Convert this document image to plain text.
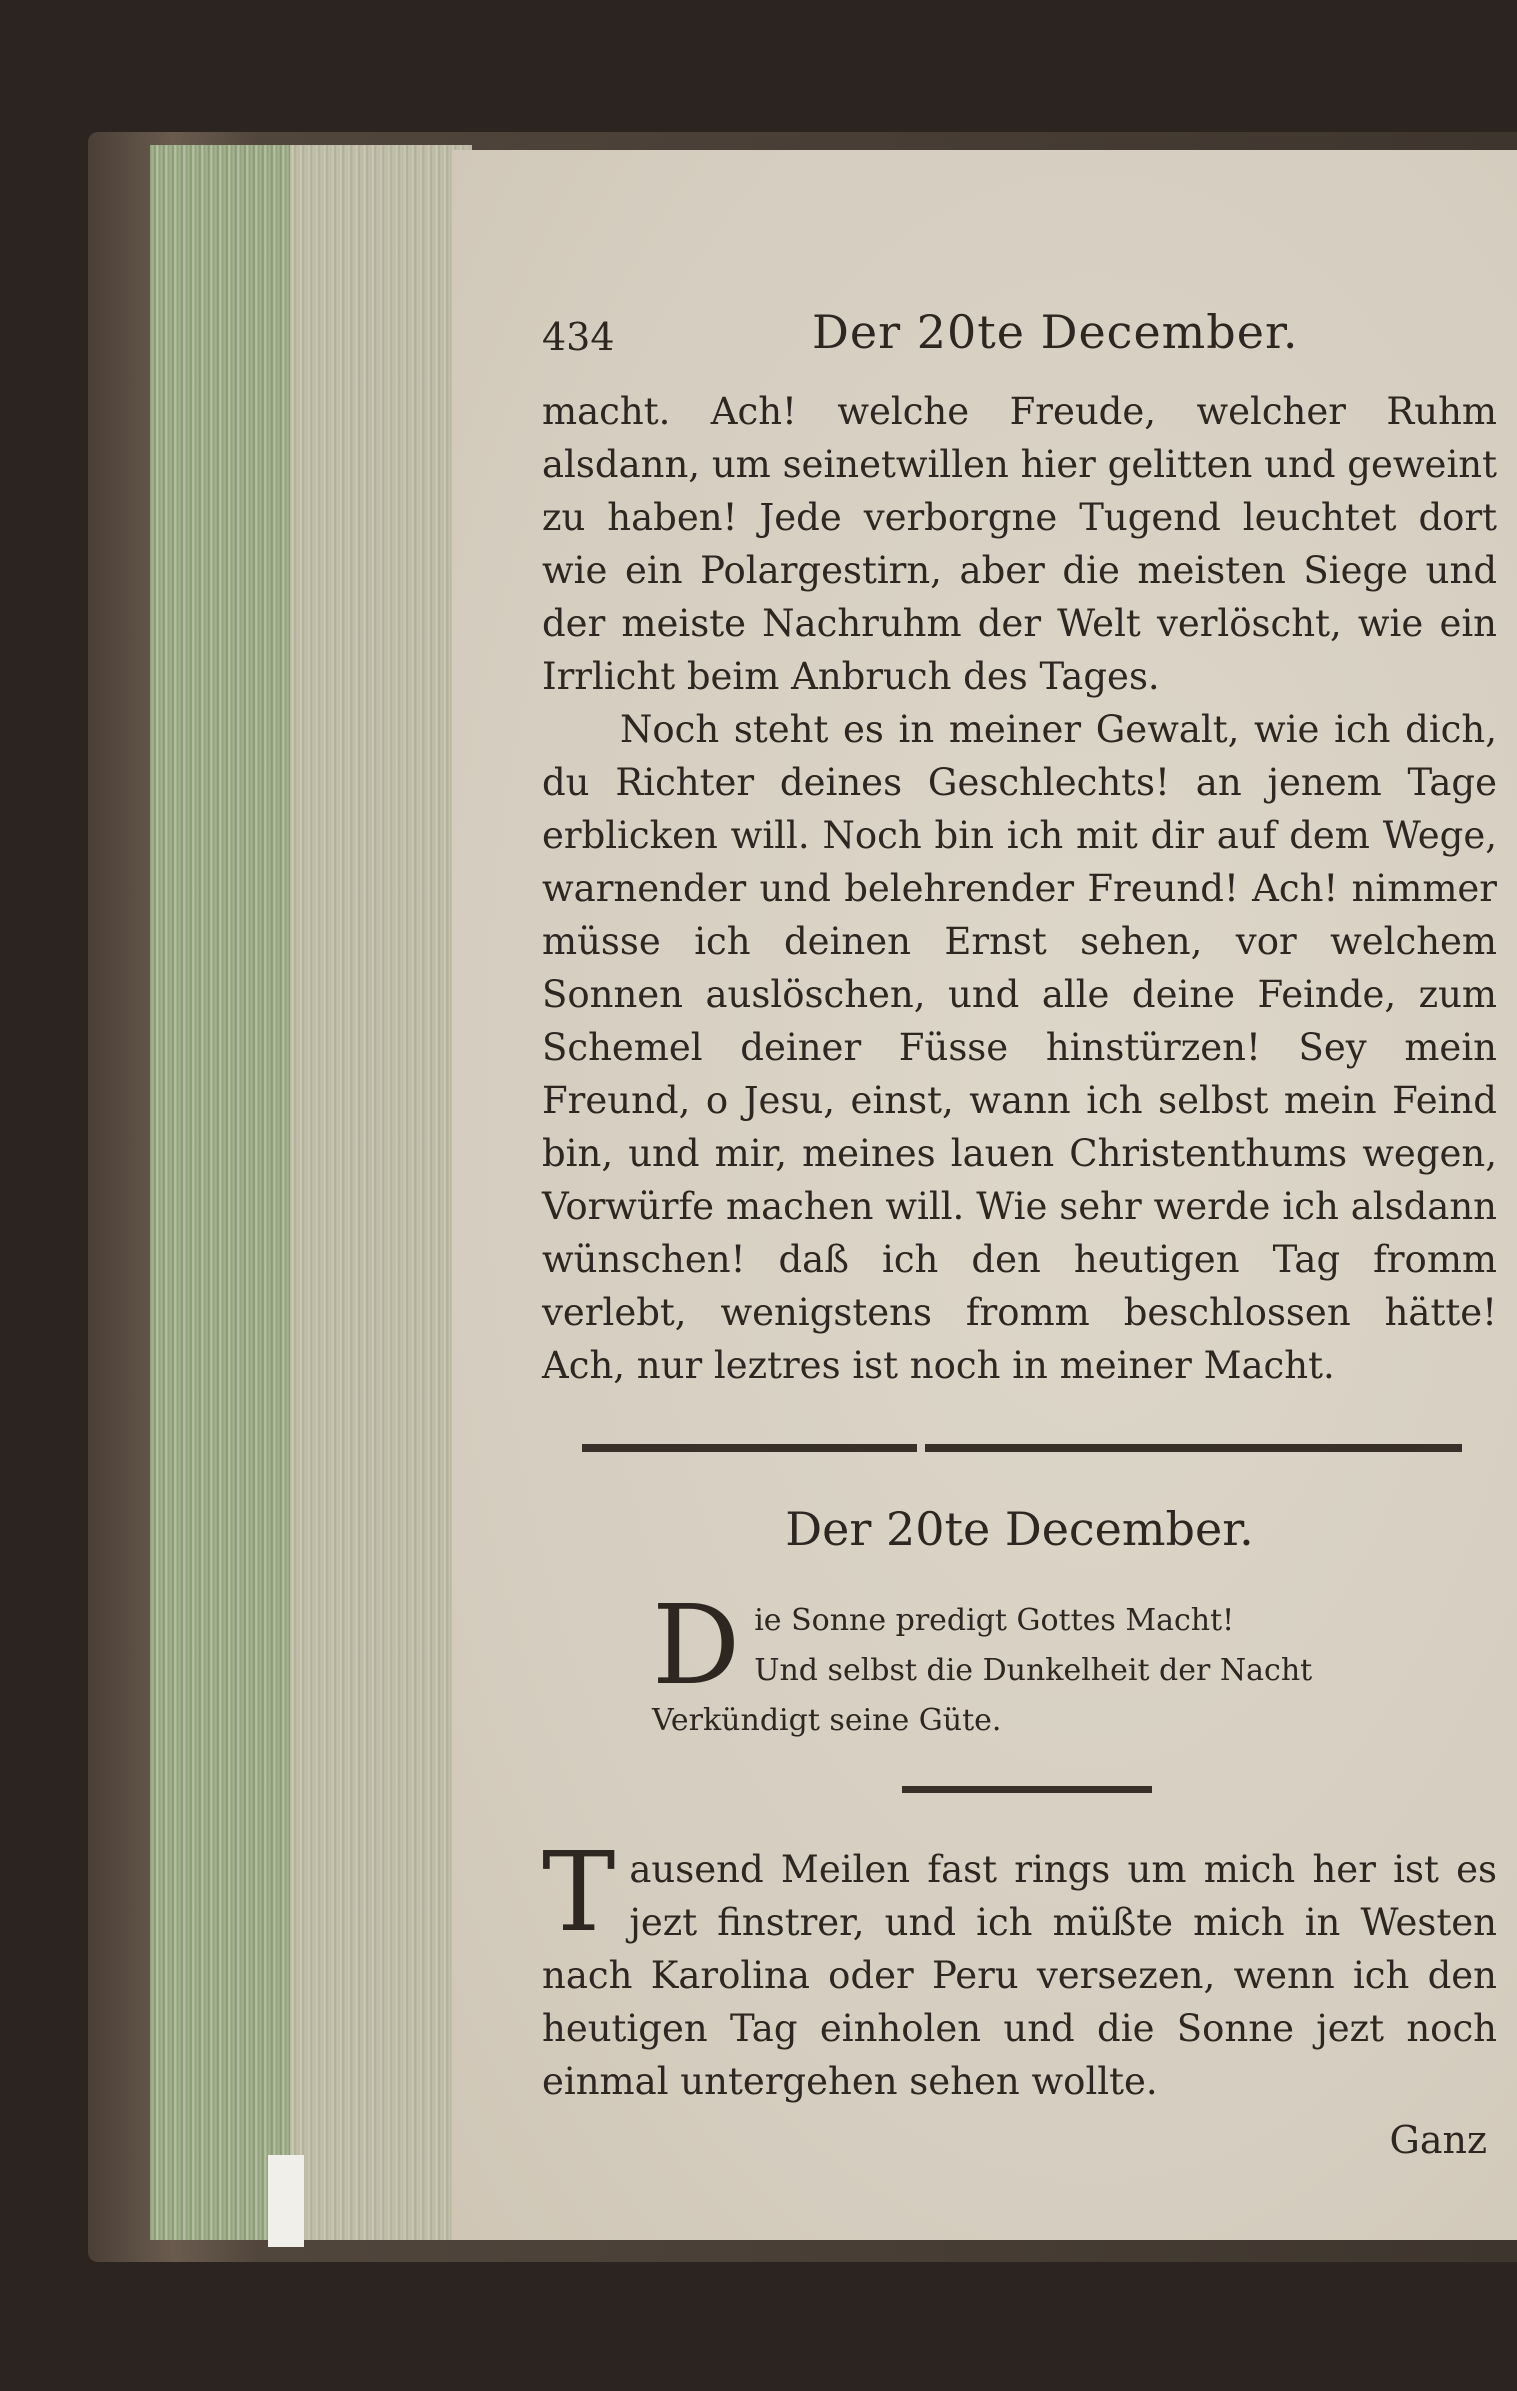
434	Der 20te December.

macht. Ach! welche Freude, welcher Ruhm alsdann, um seinetwillen hier gelitten und geweint zu haben! Jede verborgne Tugend leuchtet dort wie ein Polargestirn, aber die meisten Siege und der meiste Nachruhm der Welt verlöscht, wie ein Irrlicht beim Anbruch des Tages.

Noch steht es in meiner Gewalt, wie ich dich, du Richter deines Geschlechts! an jenem Tage erblicken will. Noch bin ich mit dir auf dem Wege, warnender und belehrender Freund! Ach! nimmer müsse ich deinen Ernst sehen, vor welchem Sonnen auslöschen, und alle deine Feinde, zum Schemel deiner Füsse hinstürzen! Sey mein Freund, o Jesu, einst, wann ich selbst mein Feind bin, und mir, meines lauen Christenthums wegen, Vorwürfe machen will. Wie sehr werde ich alsdann wünschen! daß ich den heutigen Tag fromm verlebt, wenigstens fromm beschlossen hätte! Ach, nur leztres ist noch in meiner Macht.

Der 20te December.
D ie Sonne predigt Gottes Macht!
Und selbst die Dunkelheit der Nacht
Verkündigt seine Güte.

Tausend Meilen fast rings um mich her ist es jezt finstrer, und ich müßte mich in Westen nach Karolina oder Peru versezen, wenn ich den heutigen Tag einholen und die Sonne jezt noch einmal untergehen sehen wollte.

Ganz
